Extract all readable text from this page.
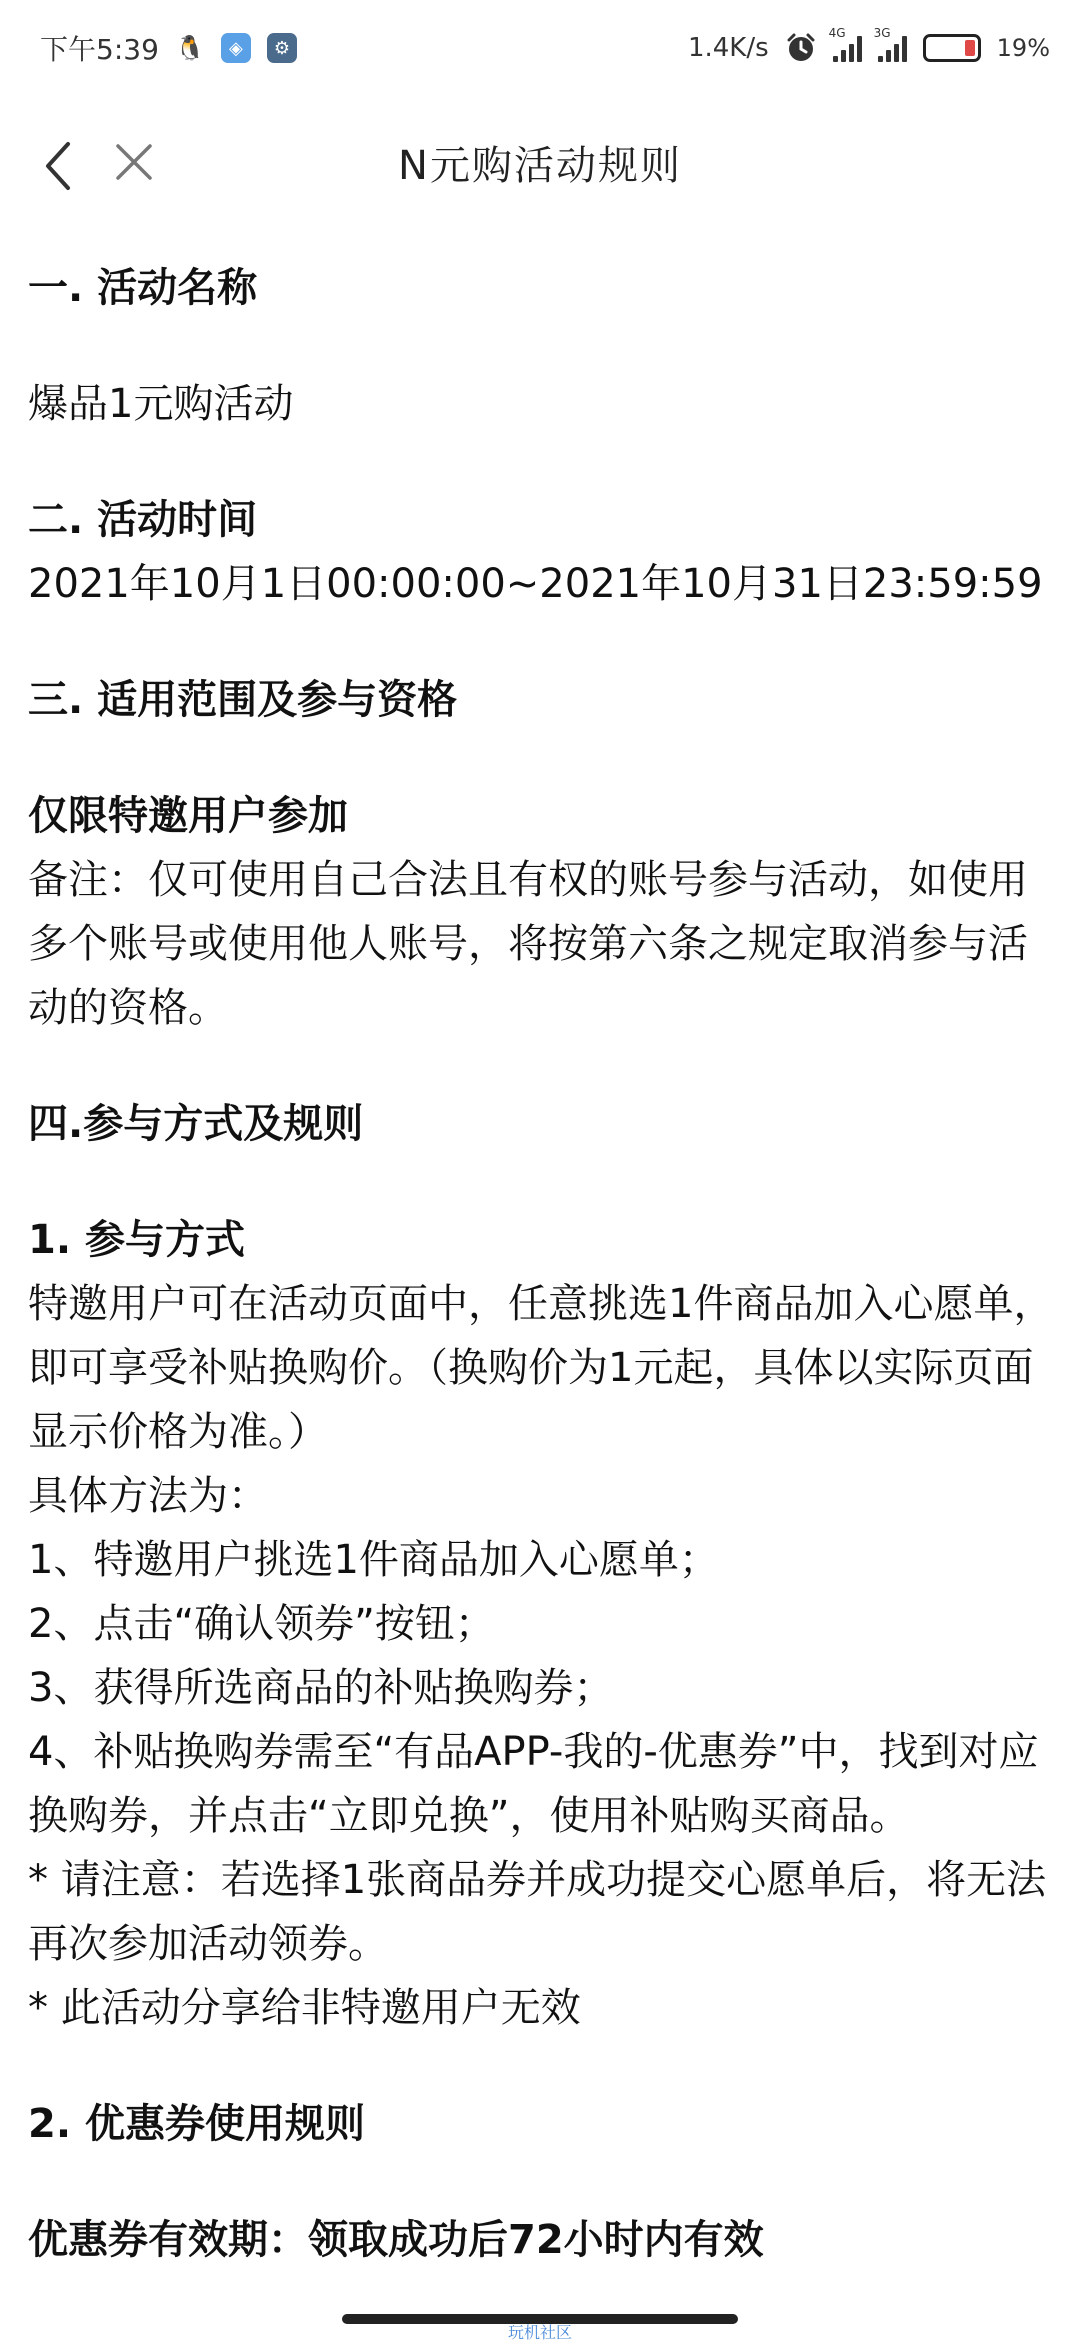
下午5:39 🐧	◈	⚙	1.4K/s	4G 3G
19%
N元购活动规则

一. 活动名称

爆品1元购活动

二. 活动时间

2021年10月1日00:00:00~2021年10月31日23:59:59

三. 适用范围及参与资格

仅限特邀用户参加

备注：仅可使用自己合法且有权的账号参与活动，如使用多个账号或使用他人账号，将按第六条之规定取消参与活动的资格。

四.参与方式及规则

1. 参与方式

特邀用户可在活动页面中，任意挑选1件商品加入心愿单，即可享受补贴换购价。（换购价为1元起，具体以实际页面显示价格为准。）

具体方法为：

1、特邀用户挑选1件商品加入心愿单；

2、点击“确认领券”按钮；

3、获得所选商品的补贴换购券；

4、补贴换购券需至“有品APP-我的-优惠券”中，找到对应换购券，并点击“立即兑换”，使用补贴购买商品。

* 请注意：若选择1张商品券并成功提交心愿单后，将无法再次参加活动领券。

* 此活动分享给非特邀用户无效

2. 优惠券使用规则

优惠券有效期：领取成功后72小时内有效

玩机社区
